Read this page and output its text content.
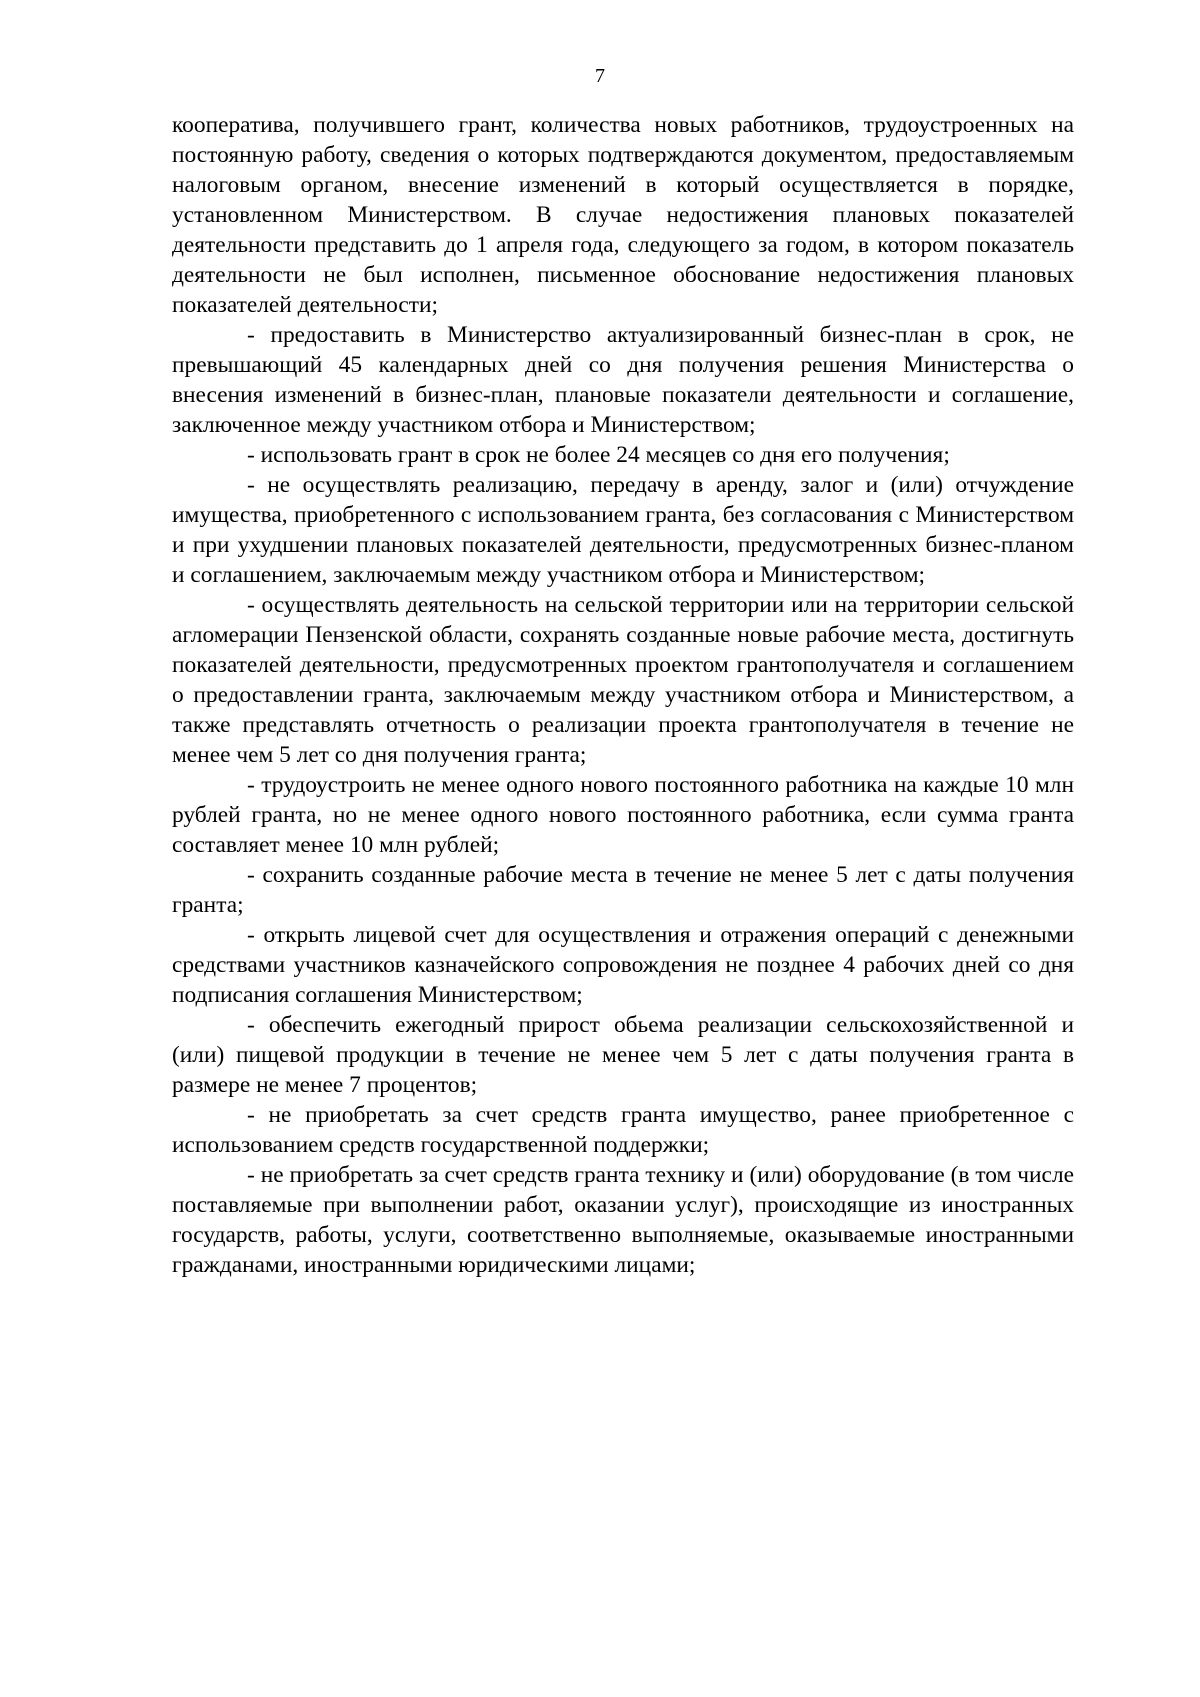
7

кооператива, получившего грант, количества новых работников, трудоустроенных на постоянную работу, сведения о которых подтверждаются документом, предоставляемым налоговым органом, внесение изменений в который осуществляется в порядке, установленном Министерством. В случае недостижения плановых показателей деятельности представить до 1 апреля года, следующего за годом, в котором показатель деятельности не был исполнен, письменное обоснование недостижения плановых показателей деятельности;

- предоставить в Министерство актуализированный бизнес-план в срок, не превышающий 45 календарных дней со дня получения решения Министерства о внесения изменений в бизнес-план, плановые показатели деятельности и соглашение, заключенное между участником отбора и Министерством;

- использовать грант в срок не более 24 месяцев со дня его получения;

- не осуществлять реализацию, передачу в аренду, залог и (или) отчуждение имущества, приобретенного с использованием гранта, без согласования с Министерством и при ухудшении плановых показателей деятельности, предусмотренных бизнес-планом и соглашением, заключаемым между участником отбора и Министерством;

- осуществлять деятельность на сельской территории или на территории сельской агломерации Пензенской области, сохранять созданные новые рабочие места, достигнуть показателей деятельности, предусмотренных проектом грантополучателя и соглашением о предоставлении гранта, заключаемым между участником отбора и Министерством, а также представлять отчетность о реализации проекта грантополучателя в течение не менее чем 5 лет со дня получения гранта;

- трудоустроить не менее одного нового постоянного работника на каждые 10 млн рублей гранта, но не менее одного нового постоянного работника, если сумма гранта составляет менее 10 млн рублей;

- сохранить созданные рабочие места в течение не менее 5 лет с даты получения гранта;

- открыть лицевой счет для осуществления и отражения операций с денежными средствами участников казначейского сопровождения не позднее 4 рабочих дней со дня подписания соглашения Министерством;

- обеспечить ежегодный прирост обьема реализации сельскохозяйственной и (или) пищевой продукции в течение не менее чем 5 лет с даты получения гранта в размере не менее 7 процентов;

- не приобретать за счет средств гранта имущество, ранее приобретенное с использованием средств государственной поддержки;

- не приобретать за счет средств гранта технику и (или) оборудование (в том числе поставляемые при выполнении работ, оказании услуг), происходящие из иностранных государств, работы, услуги, соответственно выполняемые, оказываемые иностранными гражданами, иностранными юридическими лицами;
